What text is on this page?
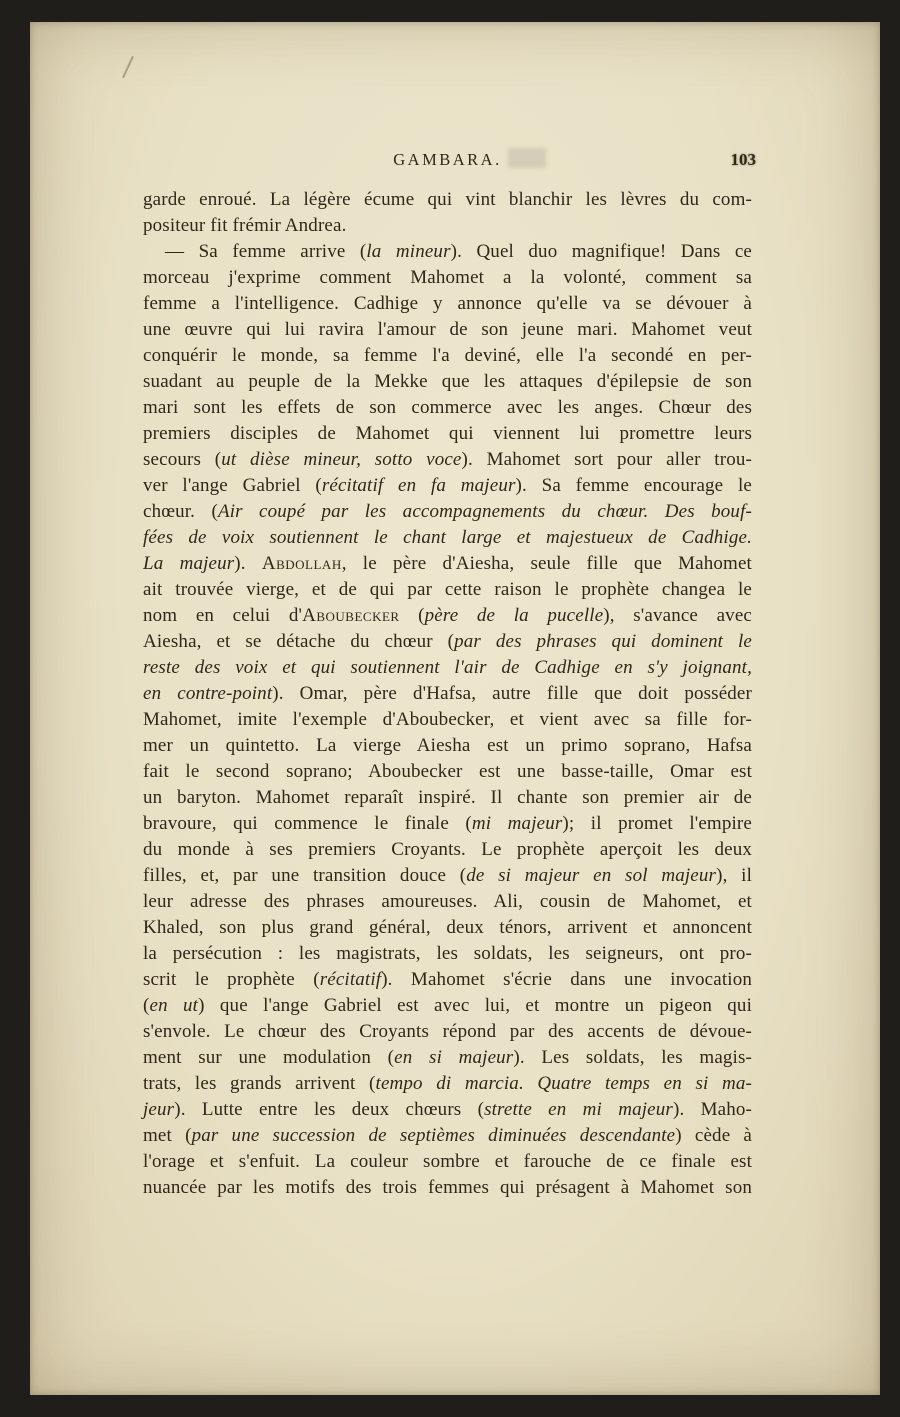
GAMBARA.	103
garde enroué. La légère écume qui vint blanchir les lèvres du com-
positeur fit frémir Andrea.
— Sa femme arrive (la mineur). Quel duo magnifique! Dans ce
morceau j'exprime comment Mahomet a la volonté, comment sa
femme a l'intelligence. Cadhige y annonce qu'elle va se dévouer à
une œuvre qui lui ravira l'amour de son jeune mari. Mahomet veut
conquérir le monde, sa femme l'a deviné, elle l'a secondé en per-
suadant au peuple de la Mekke que les attaques d'épilepsie de son
mari sont les effets de son commerce avec les anges. Chœur des
premiers disciples de Mahomet qui viennent lui promettre leurs
secours (ut dièse mineur, sotto voce). Mahomet sort pour aller trou-
ver l'ange Gabriel (récitatif en fa majeur). Sa femme encourage le
chœur. (Air coupé par les accompagnements du chœur. Des bouf-
fées de voix soutiennent le chant large et majestueux de Cadhige.
La majeur). Abdollah, le père d'Aiesha, seule fille que Mahomet
ait trouvée vierge, et de qui par cette raison le prophète changea le
nom en celui d'Aboubecker (père de la pucelle), s'avance avec
Aiesha, et se détache du chœur (par des phrases qui dominent le
reste des voix et qui soutiennent l'air de Cadhige en s'y joignant,
en contre-point). Omar, père d'Hafsa, autre fille que doit posséder
Mahomet, imite l'exemple d'Aboubecker, et vient avec sa fille for-
mer un quintetto. La vierge Aiesha est un primo soprano, Hafsa
fait le second soprano; Aboubecker est une basse-taille, Omar est
un baryton. Mahomet reparaît inspiré. Il chante son premier air de
bravoure, qui commence le finale (mi majeur); il promet l'empire
du monde à ses premiers Croyants. Le prophète aperçoit les deux
filles, et, par une transition douce (de si majeur en sol majeur), il
leur adresse des phrases amoureuses. Ali, cousin de Mahomet, et
Khaled, son plus grand général, deux ténors, arrivent et annoncent
la persécution : les magistrats, les soldats, les seigneurs, ont pro-
scrit le prophète (récitatif). Mahomet s'écrie dans une invocation
(en ut) que l'ange Gabriel est avec lui, et montre un pigeon qui
s'envole. Le chœur des Croyants répond par des accents de dévoue-
ment sur une modulation (en si majeur). Les soldats, les magis-
trats, les grands arrivent (tempo di marcia. Quatre temps en si ma-
jeur). Lutte entre les deux chœurs (strette en mi majeur). Maho-
met (par une succession de septièmes diminuées descendante) cède à
l'orage et s'enfuit. La couleur sombre et farouche de ce finale est
nuancée par les motifs des trois femmes qui présagent à Mahomet son
